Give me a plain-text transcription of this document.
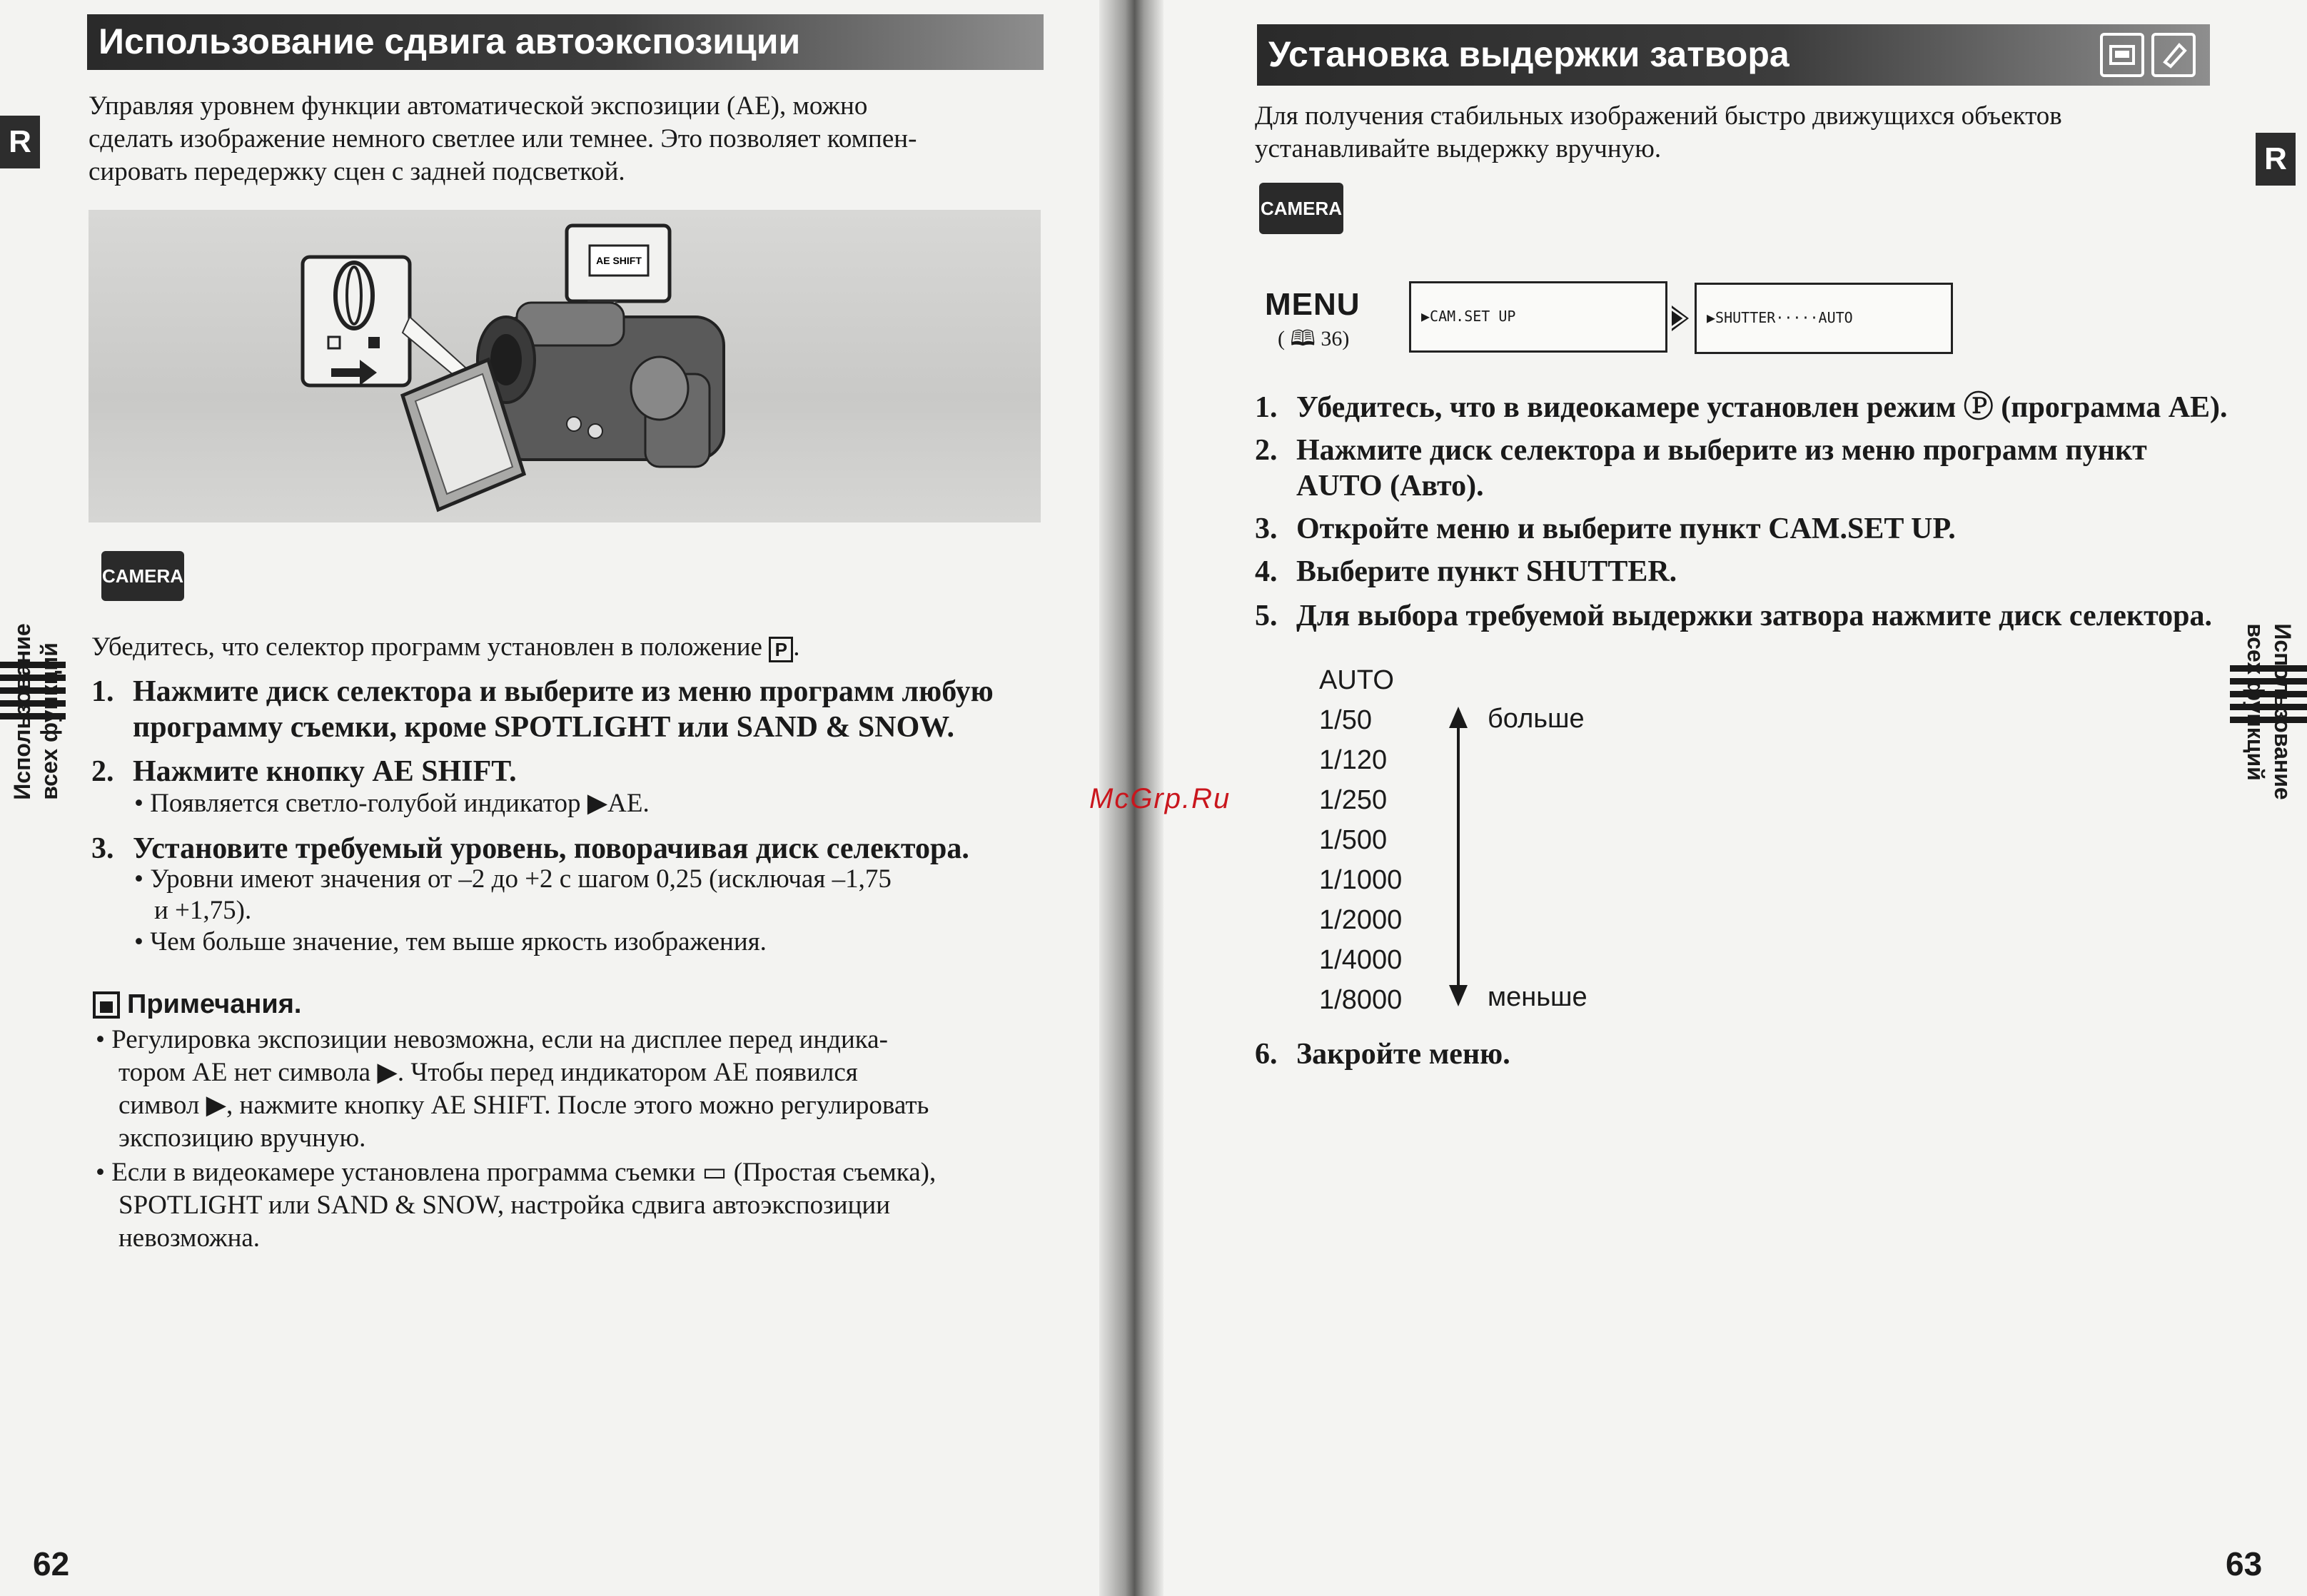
Использование сдвига автоэкспозиции
R
Управляя уровнем функции автоматической экспозиции (AE), можно
сделать изображение немного светлее или темнее. Это позволяет компен-
сировать передержку сцен с задней подсветкой.
AE SHIFT
CAMERA
Использование всех функций Убедитесь, что селектор программ установлен в положение P .
1. Нажмите диск селектора и выберите из меню программ любую
программу съемки, кроме SPOTLIGHT или SAND & SNOW.
2. Нажмите кнопку AE SHIFT.
• Появляется светло-голубой индикатор ▶AE.
3. Установите требуемый уровень, поворачивая диск селектора.
• Уровни имеют значения от –2 до +2 с шагом 0,25 (исключая –1,75
и +1,75).
• Чем больше значение, тем выше яркость изображения.
Примечания.
• Регулировка экспозиции невозможна, если на дисплее перед индика-
тором AE нет символа ▶. Чтобы перед индикатором AE появился
символ ▶, нажмите кнопку AE SHIFT. После этого можно регулировать
экспозицию вручную.
• Если в видеокамере установлена программа съемки ▭ (Простая съемка),
SPOTLIGHT или SAND & SNOW, настройка сдвига автоэкспозиции
невозможна.
62
Установка выдержки затвора
R
Для получения стабильных изображений быстро движущихся объектов
устанавливайте выдержку вручную.
CAMERA
MENU
( 🕮 36)
▶CAM.SET UP	▶SHUTTER·····AUTO
1. Убедитесь, что в видеокамере установлен режим Ⓟ (программа AE).
2. Нажмите диск селектора и выберите из меню программ пункт
AUTO (Авто).
3. Откройте меню и выберите пункт CAM.SET UP.
4. Выберите пункт SHUTTER.
5. Для выбора требуемой выдержки затвора нажмите диск селектора.
AUTO
1/50
1/120
1/250
1/500
1/1000
1/2000
1/4000
1/8000
больше
меньше
6. Закройте меню.
Использование
всех функций
63
McGrp.Ru
